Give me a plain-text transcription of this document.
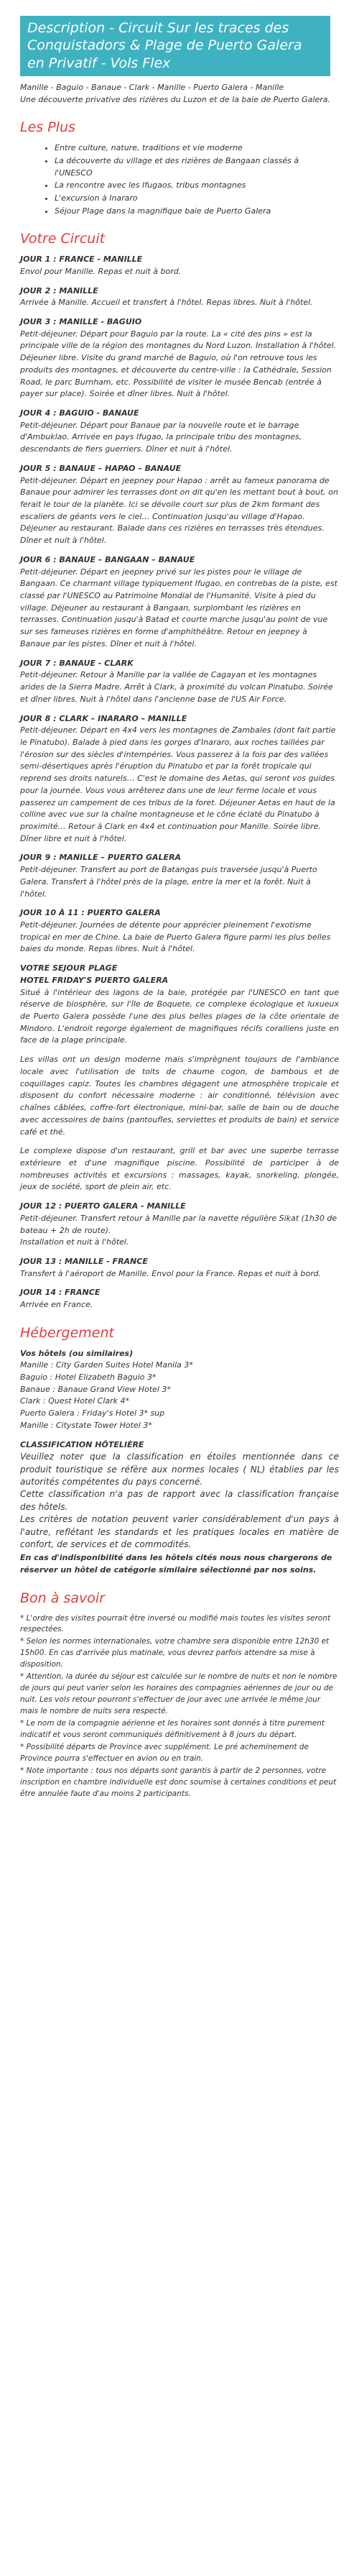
Description - Circuit Sur les traces des Conquistadors & Plage de Puerto Galera en Privatif - Vols Flex

Manille - Baguio - Banaue - Clark - Manille - Puerto Galera - Manille

Une découverte privative des rizières du Luzon et de la baie de Puerto Galera.

Les Plus
• Entre culture, nature, traditions et vie moderne
• La découverte du village et des rizières de Bangaan classés à l'UNESCO
• La rencontre avec les Ifugaos, tribus montagnes
• L'excursion à Inararo
• Séjour Plage dans la magnifique baie de Puerto Galera
Votre Circuit
JOUR 1 : FRANCE - MANILLE
Envol pour Manille. Repas et nuit à bord.
JOUR 2 : MANILLE
Arrivée à Manille. Accueil et transfert à l'hôtel. Repas libres. Nuit à l'hôtel.
JOUR 3 : MANILLE - BAGUIO
Petit-déjeuner. Départ pour Baguio par la route. La « cité des pins » est la principale ville de la région des montagnes du Nord Luzon. Installation à l'hôtel. Déjeuner libre. Visite du grand marché de Baguio, où l'on retrouve tous les produits des montagnes, et découverte du centre-ville : la Cathédrale, Session Road, le parc Burnham, etc. Possibilité de visiter le musée Bencab (entrée à payer sur place). Soirée et dîner libres. Nuit à l'hôtel.
JOUR 4 : BAGUIO - BANAUE
Petit-déjeuner. Départ pour Banaue par la nouvelle route et le barrage d'Ambuklao. Arrivée en pays Ifugao, la principale tribu des montagnes, descendants de fiers guerriers. Dîner et nuit à l'hôtel.
JOUR 5 : BANAUE – HAPAO – BANAUE
Petit-déjeuner. Départ en jeepney pour Hapao : arrêt au fameux panorama de Banaue pour admirer les terrasses dont on dit qu'en les mettant bout à bout, on ferait le tour de la planète. Ici se dévoile court sur plus de 2km formant des escaliers de géants vers le ciel… Continuation jusqu'au village d'Hapao. Déjeuner au restaurant. Balade dans ces rizières en terrasses très étendues. Dîner et nuit à l'hôtel.
JOUR 6 : BANAUE – BANGAAN – BANAUE
Petit-déjeuner. Départ en jeepney privé sur les pistes pour le village de Bangaan. Ce charmant village typiquement Ifugao, en contrebas de la piste, est classé par l'UNESCO au Patrimoine Mondial de l'Humanité. Visite à pied du village. Déjeuner au restaurant à Bangaan, surplombant les rizières en terrasses. Continuation jusqu'à Batad et courte marche jusqu'au point de vue sur ses fameuses rizières en forme d'amphithéâtre. Retour en jeepney à Banaue par les pistes. Dîner et nuit à l'hôtel.
JOUR 7 : BANAUE - CLARK
Petit-déjeuner. Retour à Manille par la vallée de Cagayan et les montagnes arides de la Sierra Madre. Arrêt à Clark, à proximité du volcan Pinatubo. Soirée et dîner libres. Nuit à l'hôtel dans l'ancienne base de l'US Air Force.
JOUR 8 : CLARK – INARARO – MANILLE
Petit-déjeuner. Départ en 4x4 vers les montagnes de Zambales (dont fait partie le Pinatubo). Balade à pied dans les gorges d'Inararo, aux roches taillées par l'érosion sur des siècles d'intempéries. Vous passerez à la fois par des vallées semi-désertiques après l'éruption du Pinatubo et par la forêt tropicale qui reprend ses droits naturels… C'est le domaine des Aetas, qui seront vos guides pour la journée. Vous vous arrêterez dans une de leur ferme locale et vous passerez un campement de ces tribus de la foret. Déjeuner Aetas en haut de la colline avec vue sur la chaîne montagneuse et le cône éclaté du Pinatubo à proximité… Retour à Clark en 4x4 et continuation pour Manille. Soirée libre. Dîner libre et nuit à l'hôtel.
JOUR 9 : MANILLE – PUERTO GALERA
Petit-déjeuner. Transfert au port de Batangas puis traversée jusqu'à Puerto Galera. Transfert à l'hôtel près de la plage, entre la mer et la forêt. Nuit à l'hôtel.
JOUR 10 À 11 : PUERTO GALERA
Petit-déjeuner. Journées de détente pour apprécier pleinement l'exotisme tropical en mer de Chine. La baie de Puerto Galera figure parmi les plus belles baies du monde. Repas libres. Nuit à l'hôtel.
VOTRE SEJOUR PLAGE
HOTEL FRIDAY'S PUERTO GALERA

Situé à l'intérieur des lagons de la baie, protégée par l'UNESCO en tant que réserve de biosphère, sur l'île de Boquete, ce complexe écologique et luxueux de Puerto Galera possède l'une des plus belles plages de la côte orientale de Mindoro. L'endroit regorge également de magnifiques récifs coralliens juste en face de la plage principale.

Les villas ont un design moderne mais s'imprègnent toujours de l'ambiance locale avec l'utilisation de toits de chaume cogon, de bambous et de coquillages capiz. Toutes les chambres dégagent une atmosphère tropicale et disposent du confort nécessaire moderne : air conditionné, télévision avec chaînes câblées, coffre-fort électronique, mini-bar, salle de bain ou de douche avec accessoires de bains (pantoufles, serviettes et produits de bain) et service café et thé.

Le complexe dispose d'un restaurant, grill et bar avec une superbe terrasse extérieure et d'une magnifique piscine. Possibilité de participer à de nombreuses activités et excursions : massages, kayak, snorkeling, plongée, jeux de société, sport de plein air, etc.

JOUR 12 : PUERTO GALERA - MANILLE
Petit-déjeuner. Transfert retour à Manille par la navette régulière Sikat (1h30 de bateau + 2h de route).
Installation et nuit à l'hôtel.
JOUR 13 : MANILLE - FRANCE
Transfert à l'aéroport de Manille. Envol pour la France. Repas et nuit à bord.
JOUR 14 : FRANCE
Arrivée en France.
Hébergement
Vos hôtels (ou similaires)
Manille : City Garden Suites Hotel Manila 3*
Baguio : Hotel Elizabeth Baguio 3*
Banaue : Banaue Grand View Hotel 3*
Clark : Quest Hotel Clark 4*
Puerto Galera : Friday's Hotel 3* sup
Manille : Citystate Tower Hotel 3*
CLASSIFICATION HÔTELIÈRE

Veuillez noter que la classification en étoiles mentionnée dans ce produit touristique se réfère aux normes locales ( NL) établies par les autorités compétentes du pays concerné.

Cette classification n'a pas de rapport avec la classification française des hôtels.

Les critères de notation peuvent varier considérablement d'un pays à l'autre, reflétant les standards et les pratiques locales en matière de confort, de services et de commodités.

En cas d'indisponibilité dans les hôtels cités nous nous chargerons de réserver un hôtel de catégorie similaire sélectionné par nos soins.

Bon à savoir

* L'ordre des visites pourrait être inversé ou modifié mais toutes les visites seront respectées.

* Selon les normes internationales, votre chambre sera disponible entre 12h30 et 15h00. En cas d'arrivée plus matinale, vous devrez parfois attendre sa mise à disposition.

* Attention, la durée du séjour est calculée sur le nombre de nuits et non le nombre de jours qui peut varier selon les horaires des compagnies aériennes de jour ou de nuit. Les vols retour pourront s'effectuer de jour avec une arrivée le même jour mais le nombre de nuits sera respecté.

* Le nom de la compagnie aérienne et les horaires sont donnés à titre purement indicatif et vous seront communiqués définitivement à 8 jours du départ.

* Possibilité départs de Province avec supplément. Le pré acheminement de Province pourra s'effectuer en avion ou en train.

* Note importante : tous nos départs sont garantis à partir de 2 personnes, votre inscription en chambre individuelle est donc soumise à certaines conditions et peut être annulée faute d'au moins 2 participants.
